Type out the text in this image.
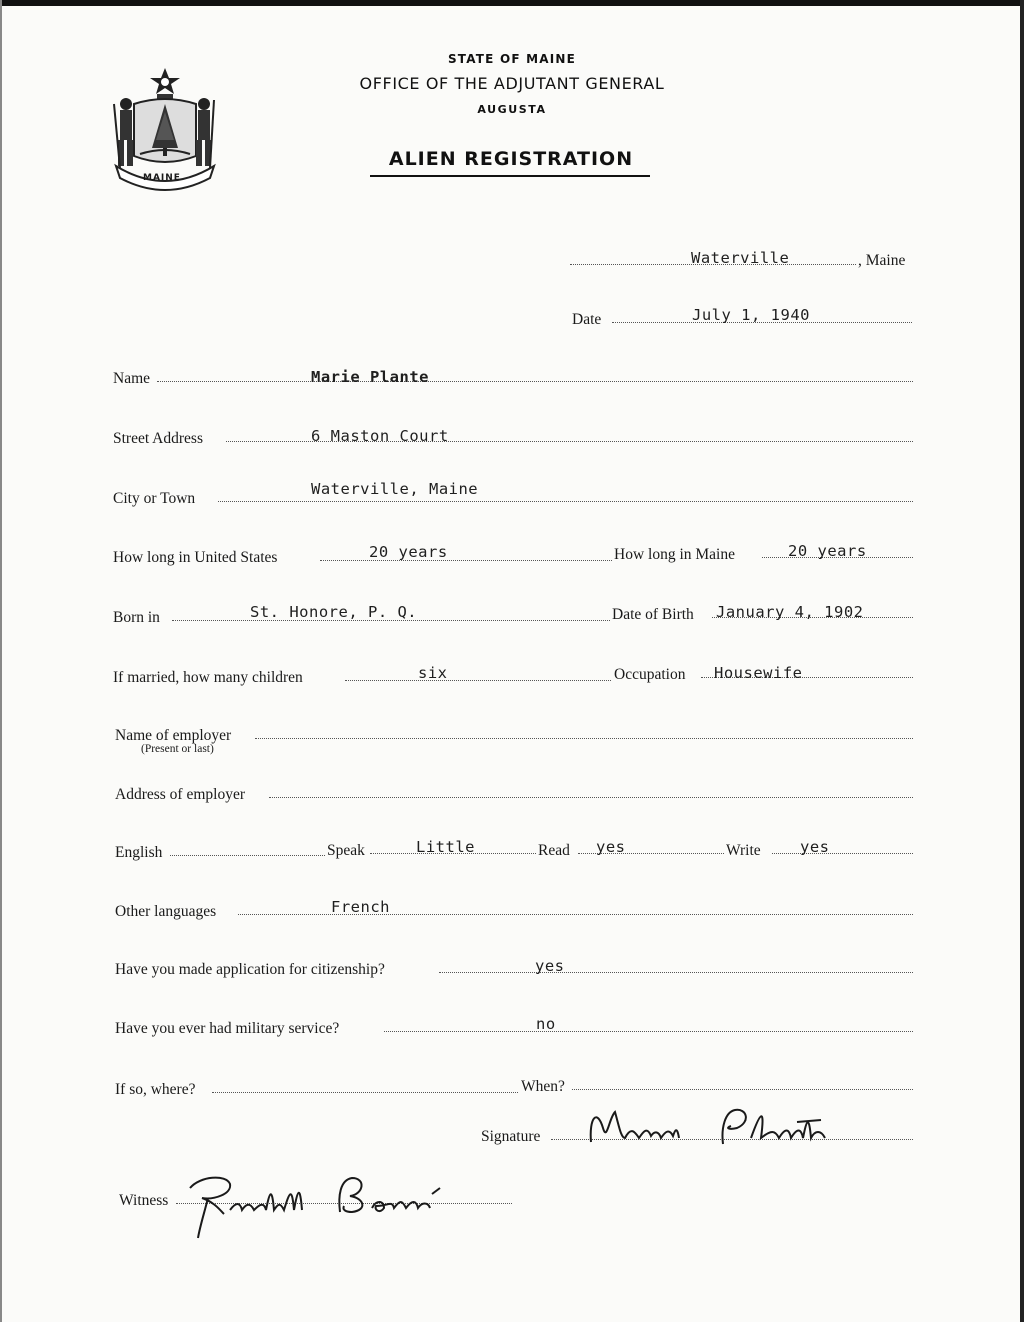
MAINE
STATE OF MAINE
OFFICE OF THE ADJUTANT GENERAL
AUGUSTA
ALIEN REGISTRATION
Waterville	, Maine
Date	July 1, 1940
Name	Marie Plante
Street Address	6 Maston Court
City or Town
Waterville, Maine
How long in United States	20 years	How long in Maine	20 years
Born in	St. Honore, P. Q.	Date of Birth January 4, 1902
If married, how many children	six	Occupation Housewife
Name of employer
(Present or last)
Address of employer
English	Speak	Little	Read yes	Write	yes
Other languages	French
Have you made application for citizenship?	yes
Have you ever had military service?	no
If so, where?	When?
Signature
Witness
